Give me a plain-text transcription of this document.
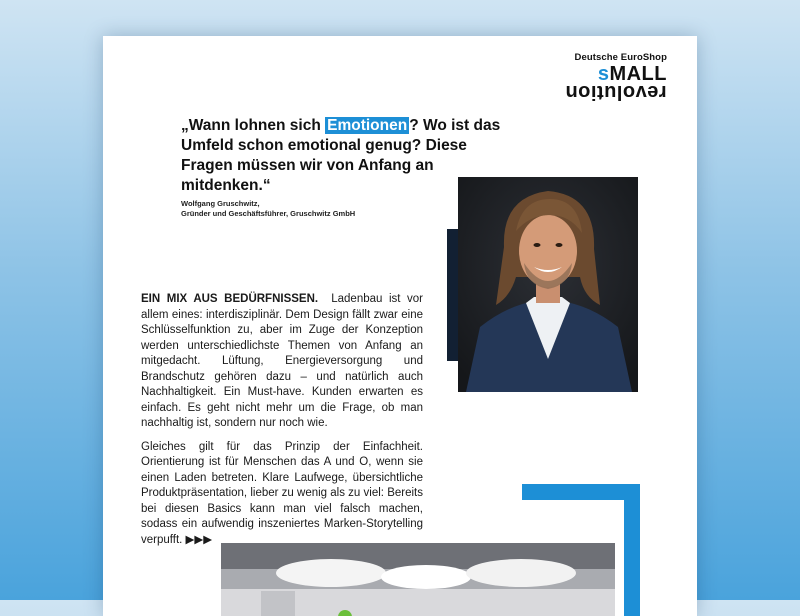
Deutsche EuroShop
sMALL
revolution
„Wann lohnen sich Emotionen ? Wo ist das Umfeld schon emotional genug? Diese Fragen müssen wir von Anfang an mitdenken.“
Wolfgang Gruschwitz,
Gründer und Geschäftsführer, Gruschwitz GmbH

EIN MIX AUS BEDÜRFNISSEN. Ladenbau ist vor allem eines: interdisziplinär. Dem Design fällt zwar eine Schlüsselfunktion zu, aber im Zuge der Konzeption werden unterschiedlichste Themen von Anfang an mitgedacht. Lüftung, Energieversorgung und Brandschutz gehören dazu – und natürlich auch Nachhaltigkeit. Ein Must-have. Kunden erwarten es einfach. Es geht nicht mehr um die Frage, ob man nachhaltig ist, sondern nur noch wie.

Gleiches gilt für das Prinzip der Einfachheit. Orientierung ist für Menschen das A und O, wenn sie einen Laden betreten. Klare Laufwege, übersichtliche Produktpräsentation, lieber zu wenig als zu viel: Bereits bei diesen Basics kann man viel falsch machen, sodass ein aufwendig inszeniertes Marken-Storytelling verpufft. ▶▶▶
